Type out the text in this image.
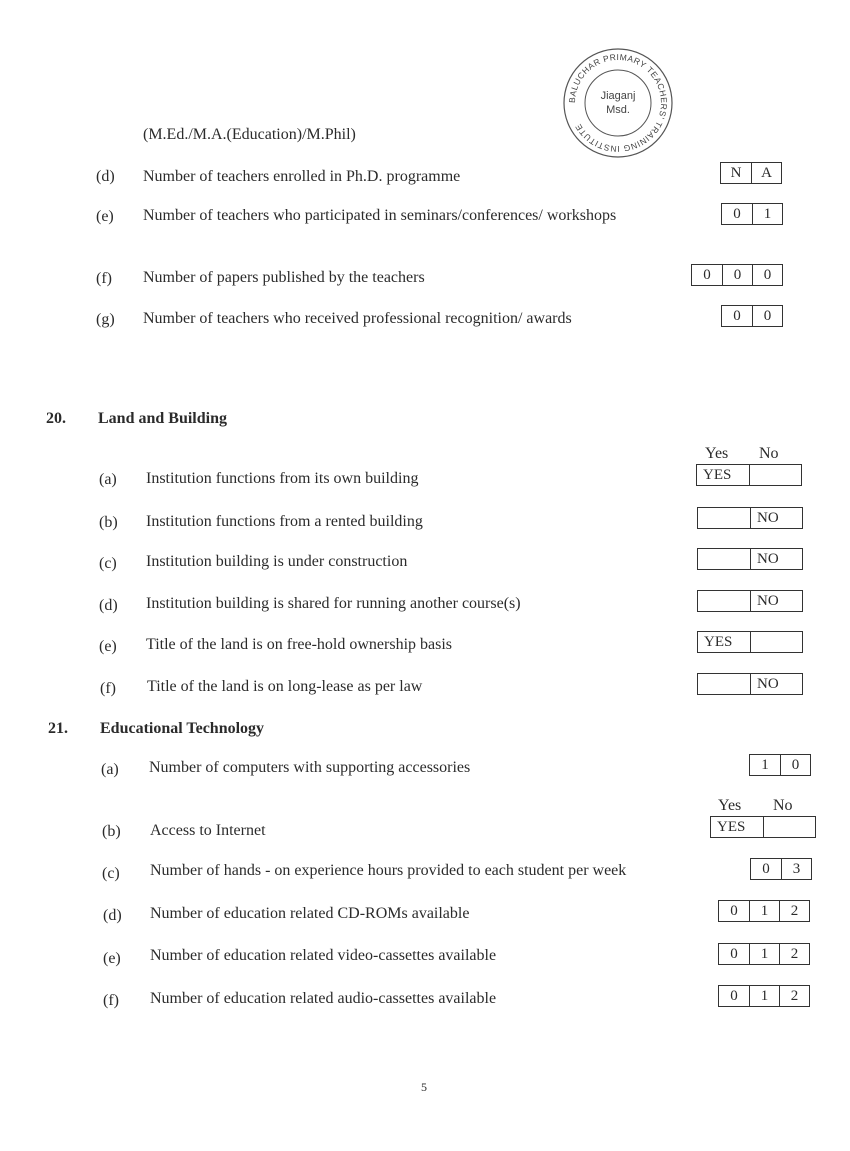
BALUCHAR PRIMARY TEACHERS' TRAINING INSTITUTE
Jiaganj
Msd.
(M.Ed./M.A.(Education)/M.Phil)
(d) Number of teachers enrolled in Ph.D. programme	N	A
(e) Number of teachers who participated in seminars/conferences/ workshops	0	1
(f) Number of papers published by the teachers	0	0	0
(g) Number of teachers who received professional recognition/ awards	0	0
20. Land and Building
Yes No
(a) Institution functions from its own building	YES
(b) Institution functions from a rented building	NO
(c) Institution building is under construction	NO
(d) Institution building is shared for running another course(s)	NO
(e) Title of the land is on free-hold ownership basis	YES
(f) Title of the land is on long-lease as per law	NO
21. Educational Technology
(a) Number of computers with supporting accessories	1	0
Yes No
(b) Access to Internet	YES
(c) Number of hands - on experience hours provided to each student per week	0	3
(d) Number of education related CD-ROMs available	0	1	2
(e) Number of education related video-cassettes available	0	1	2
(f) Number of education related audio-cassettes available	0	1	2
5
